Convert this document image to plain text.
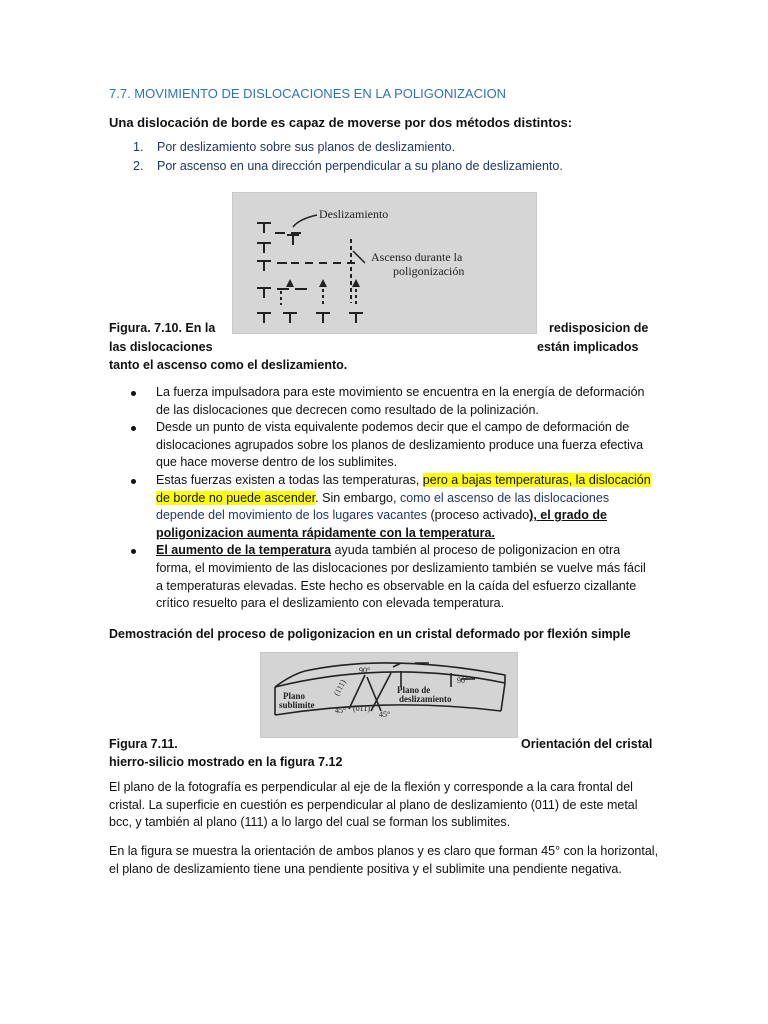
7.7. MOVIMIENTO DE DISLOCACIONES EN LA POLIGONIZACION
Una dislocación de borde es capaz de moverse por dos métodos distintos:
1. Por deslizamiento sobre sus planos de deslizamiento.
2. Por ascenso en una dirección perpendicular a su plano de deslizamiento.
Deslizamiento
Ascenso durante la
poligonización
Figura. 7.10. En la	redisposicion de
las dislocaciones	están implicados
tanto el ascenso como el deslizamiento.
La fuerza impulsadora para este movimiento se encuentra en la energía de deformación de las dislocaciones que decrecen como resultado de la polinización.
Desde un punto de vista equivalente podemos decir que el campo de deformación de dislocaciones agrupados sobre los planos de deslizamiento produce una fuerza efectiva que hace moverse dentro de los sublimites.
Estas fuerzas existen a todas las temperaturas, pero a bajas temperaturas, la dislocación de borde no puede ascender. Sin embargo, como el ascenso de las dislocaciones depende del movimiento de los lugares vacantes (proceso activado), el grado de poligonizacion aumenta rápidamente con la temperatura.
El aumento de la temperatura ayuda también al proceso de poligonizacion en otra forma, el movimiento de las dislocaciones por deslizamiento también se vuelve más fácil a temperaturas elevadas. Este hecho es observable en la caída del esfuerzo cizallante crítico resuelto para el deslizamiento con elevada temperatura.
Demostración del proceso de poligonizacion en un cristal deformado por flexión simple
Plano
sublimite
Plano de
deslizamiento
90°
90°
45°	45°
(111)
(011)
Figura 7.11.	Orientación del cristal
hierro-silicio mostrado en la figura 7.12
El plano de la fotografía es perpendicular al eje de la flexión y corresponde a la cara frontal del cristal. La superficie en cuestión es perpendicular al plano de deslizamiento (011) de este metal bcc, y también al plano (111) a lo largo del cual se forman los sublimites.
En la figura se muestra la orientación de ambos planos y es claro que forman 45° con la horizontal, el plano de deslizamiento tiene una pendiente positiva y el sublimite una pendiente negativa.
